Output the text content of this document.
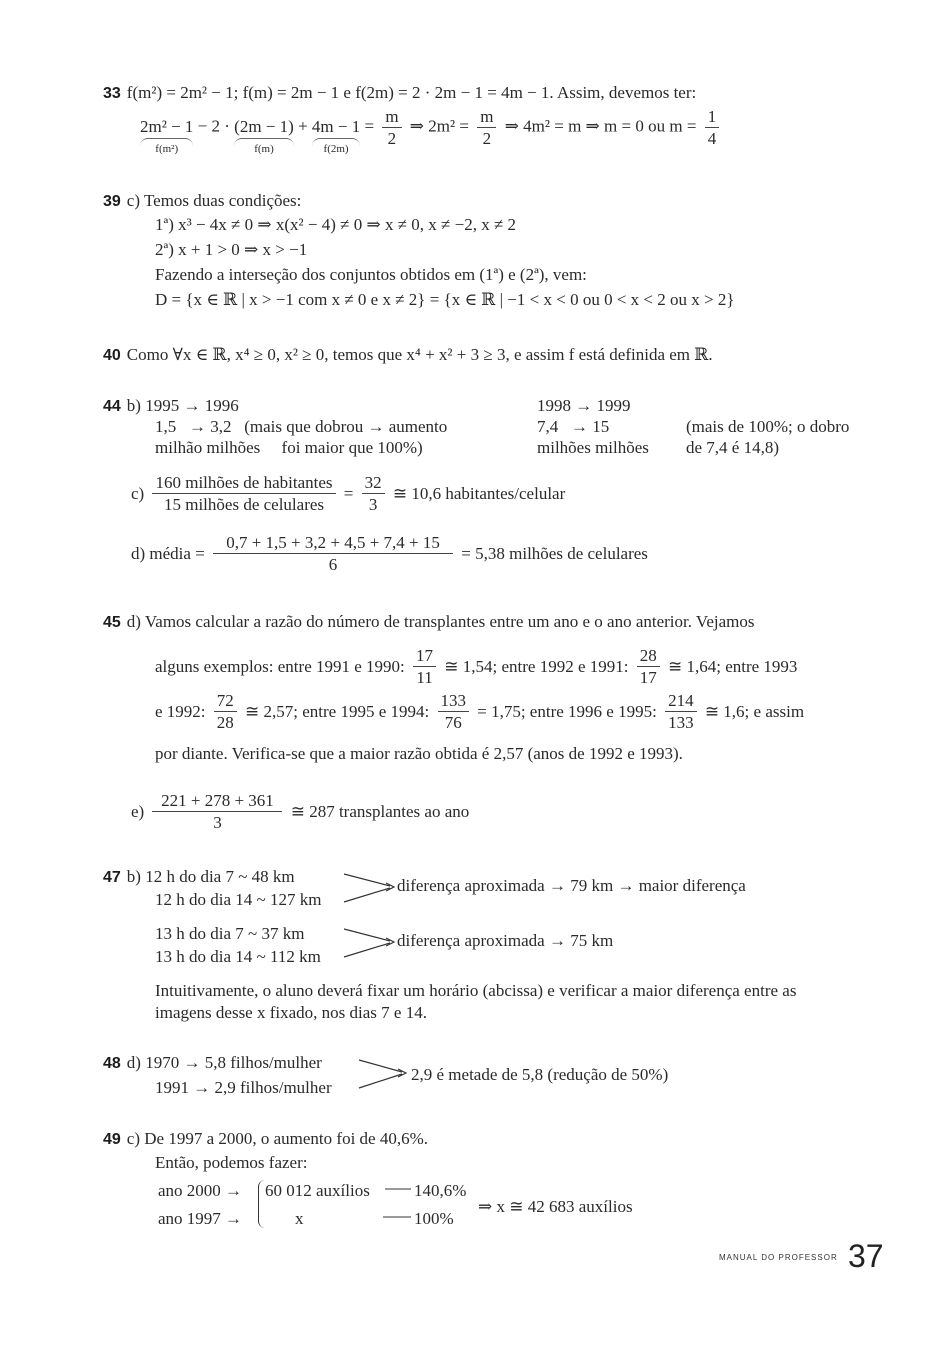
33 f(m²) = 2m² − 1; f(m) = 2m − 1 e f(2m) = 2 · 2m − 1 = 4m − 1. Assim, devemos ter:
2m² − 1
f(m²)
− 2 · (2m − 1)
f(m)
+ 4m − 1
f(2m)
= $\frac{m}{2}$ ⇒ $2m^2 = \frac{m}{2}$ ⇒ 4m² = m ⇒ m = 0 ou $m = \frac{1}{4}$
39 c) Temos duas condições:
1ª) x³ − 4x ≠ 0 ⇒ x(x² − 4) ≠ 0 ⇒ x ≠ 0, x ≠ −2, x ≠ 2
2ª) x + 1 > 0 ⇒ x > −1
Fazendo a interseção dos conjuntos obtidos em (1ª) e (2ª), vem:
D = {x ∈ ℝ | x > −1 com x ≠ 0 e x ≠ 2} = {x ∈ ℝ | −1 < x < 0 ou 0 < x < 2 ou x > 2}
40 Como ∀x ∈ ℝ, x⁴ ≥ 0, x² ≥ 0, temos que x⁴ + x² + 3 ≥ 3, e assim f está definida em ℝ.
44 b) 1995 → 1996
1,5   → 3,2   (mais que dobrou → aumento
milhão milhões     foi maior que 100%)
1998 → 1999
7,4   → 15
milhões milhões
(mais de 100%; o dobro
de 7,4 é 14,8)
$c) \frac{\text{160 milhões de habitantes}}{\text{15 milhões de celulares}} = \frac{32}{3}$ ≅ 10,6 habitantes/celular
d) média = $\frac{0,7 + 1,5 + 3,2 + 4,5 + 7,4 + 15}{6} = 5,38$ milhões de celulares
45 d) Vamos calcular a razão do número de transplantes entre um ano e o ano anterior. Vejamos
alguns exemplos: entre 1991 e 1990: $\frac{17}{11}$ ≅ 1,54; entre 1992 e 1991: $\frac{28}{17}$ ≅ 1,64; entre 1993
e 1992: $\frac{72}{28}$ ≅ 2,57; entre 1995 e 1994: $\frac{133}{76} = 1,75$; entre 1996 e 1995: $\frac{214}{133}$ ≅ 1,6; e assim
por diante. Verifica-se que a maior razão obtida é 2,57 (anos de 1992 e 1993).
$e) \frac{221 + 278 + 361}{3}$ ≅ 287 transplantes ao ano
47 b) 12 h do dia 7 ~ 48 km
12 h do dia 14 ~ 127 km
diferença aproximada → 79 km → maior diferença
13 h do dia 7 ~ 37 km
13 h do dia 14 ~ 112 km
diferença aproximada → 75 km
Intuitivamente, o aluno deverá fixar um horário (abcissa) e verificar a maior diferença entre as
imagens desse x fixado, nos dias 7 e 14.
48 d) 1970 → 5,8 filhos/mulher
1991 → 2,9 filhos/mulher
2,9 é metade de 5,8 (redução de 50%)
49 c) De 1997 a 2000, o aumento foi de 40,6%.
Então, podemos fazer:
ano 2000 →
ano 1997 →
60 012 auxílios
x
140,6%
100%
⇒ x ≅ 42 683 auxílios
MANUAL DO PROFESSOR 37
